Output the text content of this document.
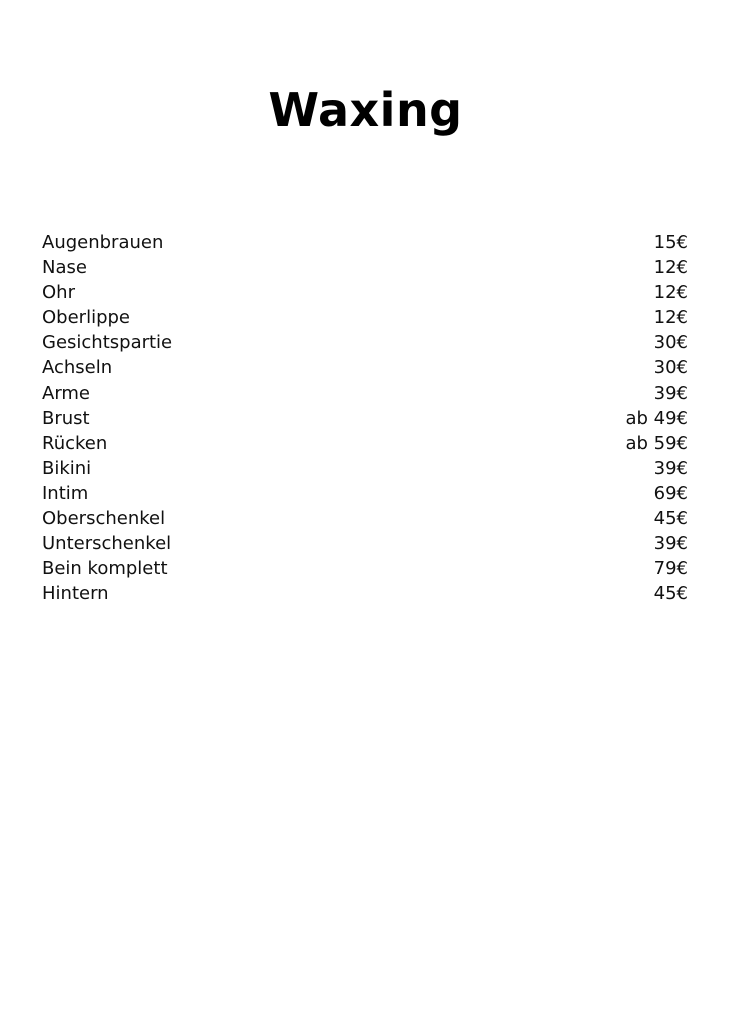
Waxing
Augenbrauen	15€
Nase	12€
Ohr	12€
Oberlippe	12€
Gesichtspartie	30€
Achseln	30€
Arme	39€
Brust	ab 49€
Rücken	ab 59€
Bikini	39€
Intim	69€
Oberschenkel	45€
Unterschenkel	39€
Bein komplett	79€
Hintern	45€
